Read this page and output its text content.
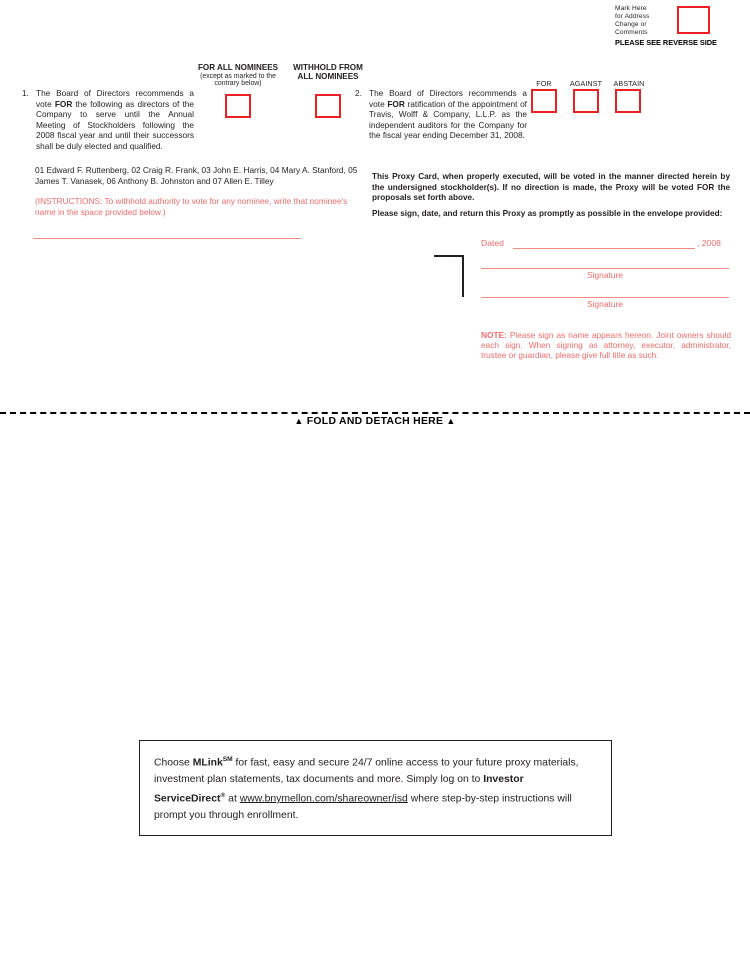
Mark Here
for Address
Change or
Comments
PLEASE SEE REVERSE SIDE
FOR ALL NOMINEES
(except as marked to the contrary below)
WITHHOLD FROM ALL NOMINEES
1. The Board of Directors recommends a vote FOR the following as directors of the Company to serve until the Annual Meeting of Stockholders following the 2008 fiscal year and until their successors shall be duly elected and qualified.
01 Edward F. Ruttenberg, 02 Craig R. Frank, 03 John E. Harris, 04 Mary A. Stanford, 05 James T. Vanasek, 06 Anthony B. Johnston and 07 Allen E. Tilley
(INSTRUCTIONS: To withhold authority to vote for any nominee, write that nominee's name in the space provided below.)
FOR	AGAINST	ABSTAIN
2. The Board of Directors recommends a vote FOR ratification of the appointment of Travis, Wolff & Company, L.L.P. as the independent auditors for the Company for the fiscal year ending December 31, 2008.
This Proxy Card, when properly executed, will be voted in the manner directed herein by the undersigned stockholder(s). If no direction is made, the Proxy will be voted FOR the proposals set forth above.
Please sign, date, and return this Proxy as promptly as possible in the envelope provided:
Dated	, 2008
Signature
Signature
NOTE: Please sign as name appears hereon. Joint owners should each sign. When signing as attorney, executor, administrator, trustee or guardian, please give full title as such.
▲ FOLD AND DETACH HERE ▲
Choose MLink℠ for fast, easy and secure 24/7 online access to your future proxy materials, investment plan statements, tax documents and more. Simply log on to Investor ServiceDirect® at www.bnymellon.com/shareowner/isd where step-by-step instructions will prompt you through enrollment.
